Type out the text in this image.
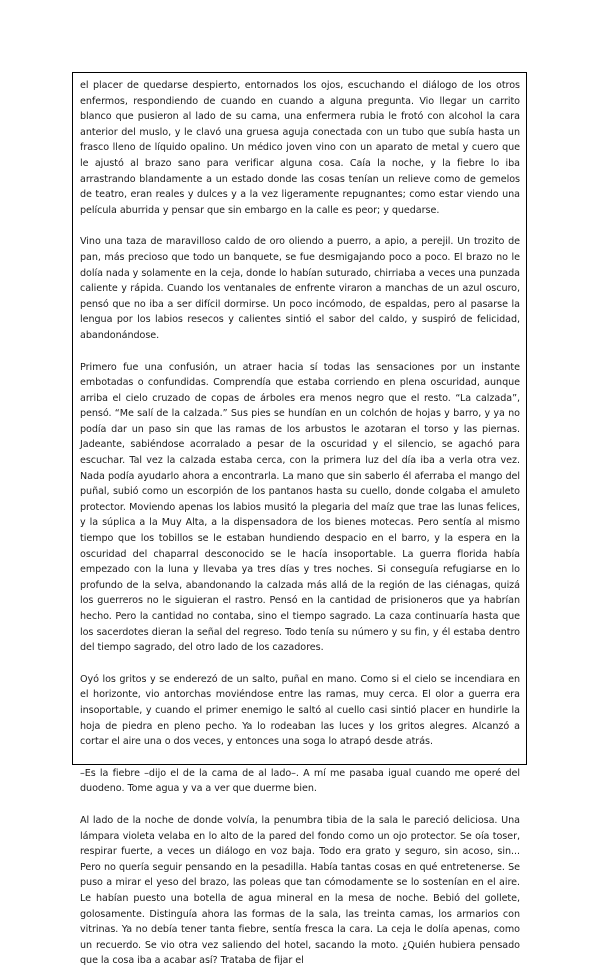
el placer de quedarse despierto, entornados los ojos, escuchando el diálogo de los otros enfermos, respondiendo de cuando en cuando a alguna pregunta. Vio llegar un carrito blanco que pusieron al lado de su cama, una enfermera rubia le frotó con alcohol la cara anterior del muslo, y le clavó una gruesa aguja conectada con un tubo que subía hasta un frasco lleno de líquido opalino. Un médico joven vino con un aparato de metal y cuero que le ajustó al brazo sano para verificar alguna cosa. Caía la noche, y la fiebre lo iba arrastrando blandamente a un estado donde las cosas tenían un relieve como de gemelos de teatro, eran reales y dulces y a la vez ligeramente repugnantes; como estar viendo una película aburrida y pensar que sin embargo en la calle es peor; y quedarse.

Vino una taza de maravilloso caldo de oro oliendo a puerro, a apio, a perejil. Un trozito de pan, más precioso que todo un banquete, se fue desmigajando poco a poco. El brazo no le dolía nada y solamente en la ceja, donde lo habían suturado, chirriaba a veces una punzada caliente y rápida. Cuando los ventanales de enfrente viraron a manchas de un azul oscuro, pensó que no iba a ser difícil dormirse. Un poco incómodo, de espaldas, pero al pasarse la lengua por los labios resecos y calientes sintió el sabor del caldo, y suspiró de felicidad, abandonándose.

Primero fue una confusión, un atraer hacia sí todas las sensaciones por un instante embotadas o confundidas. Comprendía que estaba corriendo en plena oscuridad, aunque arriba el cielo cruzado de copas de árboles era menos negro que el resto. “La calzada”, pensó. “Me salí de la calzada.” Sus pies se hundían en un colchón de hojas y barro, y ya no podía dar un paso sin que las ramas de los arbustos le azotaran el torso y las piernas. Jadeante, sabiéndose acorralado a pesar de la oscuridad y el silencio, se agachó para escuchar. Tal vez la calzada estaba cerca, con la primera luz del día iba a verla otra vez. Nada podía ayudarlo ahora a encontrarla. La mano que sin saberlo él aferraba el mango del puñal, subió como un escorpión de los pantanos hasta su cuello, donde colgaba el amuleto protector. Moviendo apenas los labios musitó la plegaria del maíz que trae las lunas felices, y la súplica a la Muy Alta, a la dispensadora de los bienes motecas. Pero sentía al mismo tiempo que los tobillos se le estaban hundiendo despacio en el barro, y la espera en la oscuridad del chaparral desconocido se le hacía insoportable. La guerra florida había empezado con la luna y llevaba ya tres días y tres noches. Si conseguía refugiarse en lo profundo de la selva, abandonando la calzada más allá de la región de las ciénagas, quizá los guerreros no le siguieran el rastro. Pensó en la cantidad de prisioneros que ya habrían hecho. Pero la cantidad no contaba, sino el tiempo sagrado. La caza continuaría hasta que los sacerdotes dieran la señal del regreso. Todo tenía su número y su fin, y él estaba dentro del tiempo sagrado, del otro lado de los cazadores.

Oyó los gritos y se enderezó de un salto, puñal en mano. Como si el cielo se incendiara en el horizonte, vio antorchas moviéndose entre las ramas, muy cerca. El olor a guerra era insoportable, y cuando el primer enemigo le saltó al cuello casi sintió placer en hundirle la hoja de piedra en pleno pecho. Ya lo rodeaban las luces y los gritos alegres. Alcanzó a cortar el aire una o dos veces, y entonces una soga lo atrapó desde atrás.

–Es la fiebre –dijo el de la cama de al lado–. A mí me pasaba igual cuando me operé del duodeno. Tome agua y va a ver que duerme bien.

Al lado de la noche de donde volvía, la penumbra tibia de la sala le pareció deliciosa. Una lámpara violeta velaba en lo alto de la pared del fondo como un ojo protector. Se oía toser, respirar fuerte, a veces un diálogo en voz baja. Todo era grato y seguro, sin acoso, sin... Pero no quería seguir pensando en la pesadilla. Había tantas cosas en qué entretenerse. Se puso a mirar el yeso del brazo, las poleas que tan cómodamente se lo sostenían en el aire. Le habían puesto una botella de agua mineral en la mesa de noche. Bebió del gollete, golosamente. Distinguía ahora las formas de la sala, las treinta camas, los armarios con vitrinas. Ya no debía tener tanta fiebre, sentía fresca la cara. La ceja le dolía apenas, como un recuerdo. Se vio otra vez saliendo del hotel, sacando la moto. ¿Quién hubiera pensado que la cosa iba a acabar así? Trataba de fijar el
